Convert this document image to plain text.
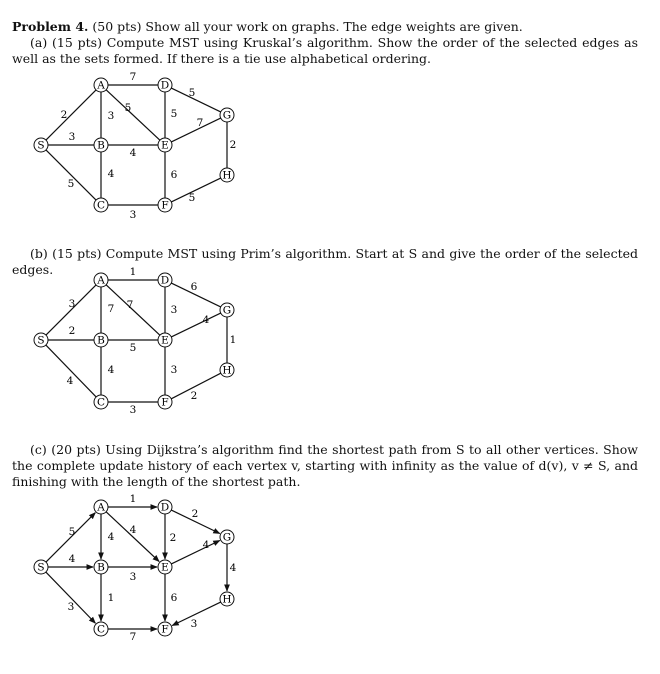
Problem 4. (50 pts) Show all your work on graphs. The edge weights are given.

(a) (15 pts) Compute MST using Kruskal’s algorithm. Show the order of the selected edges as well as the sets formed. If there is a tie use alphabetical ordering.

7
2
3
5
3
5	5
5
7
4
2
4	6
5
3
S
A
B
C
D
E
F
G
H

(b) (15 pts) Compute MST using Prim’s algorithm. Start at S and give the order of the selected edges.	1
3
2
4
7 7	3
6
4
5
1
4	3
2
3
S
A
B
C
D
E
F
G
H

(c) (20 pts) Using Dijkstra’s algorithm find the shortest path from S to all other vertices. Show the complete update history of each vertex v, starting with infinity as the value of d(v), v ≠ S, and finishing with the length of the shortest path.

1
5
4
3
4
4
2
2
4
3
4
1	6
3
7
S
A
B
C
D
E
F
G
H
